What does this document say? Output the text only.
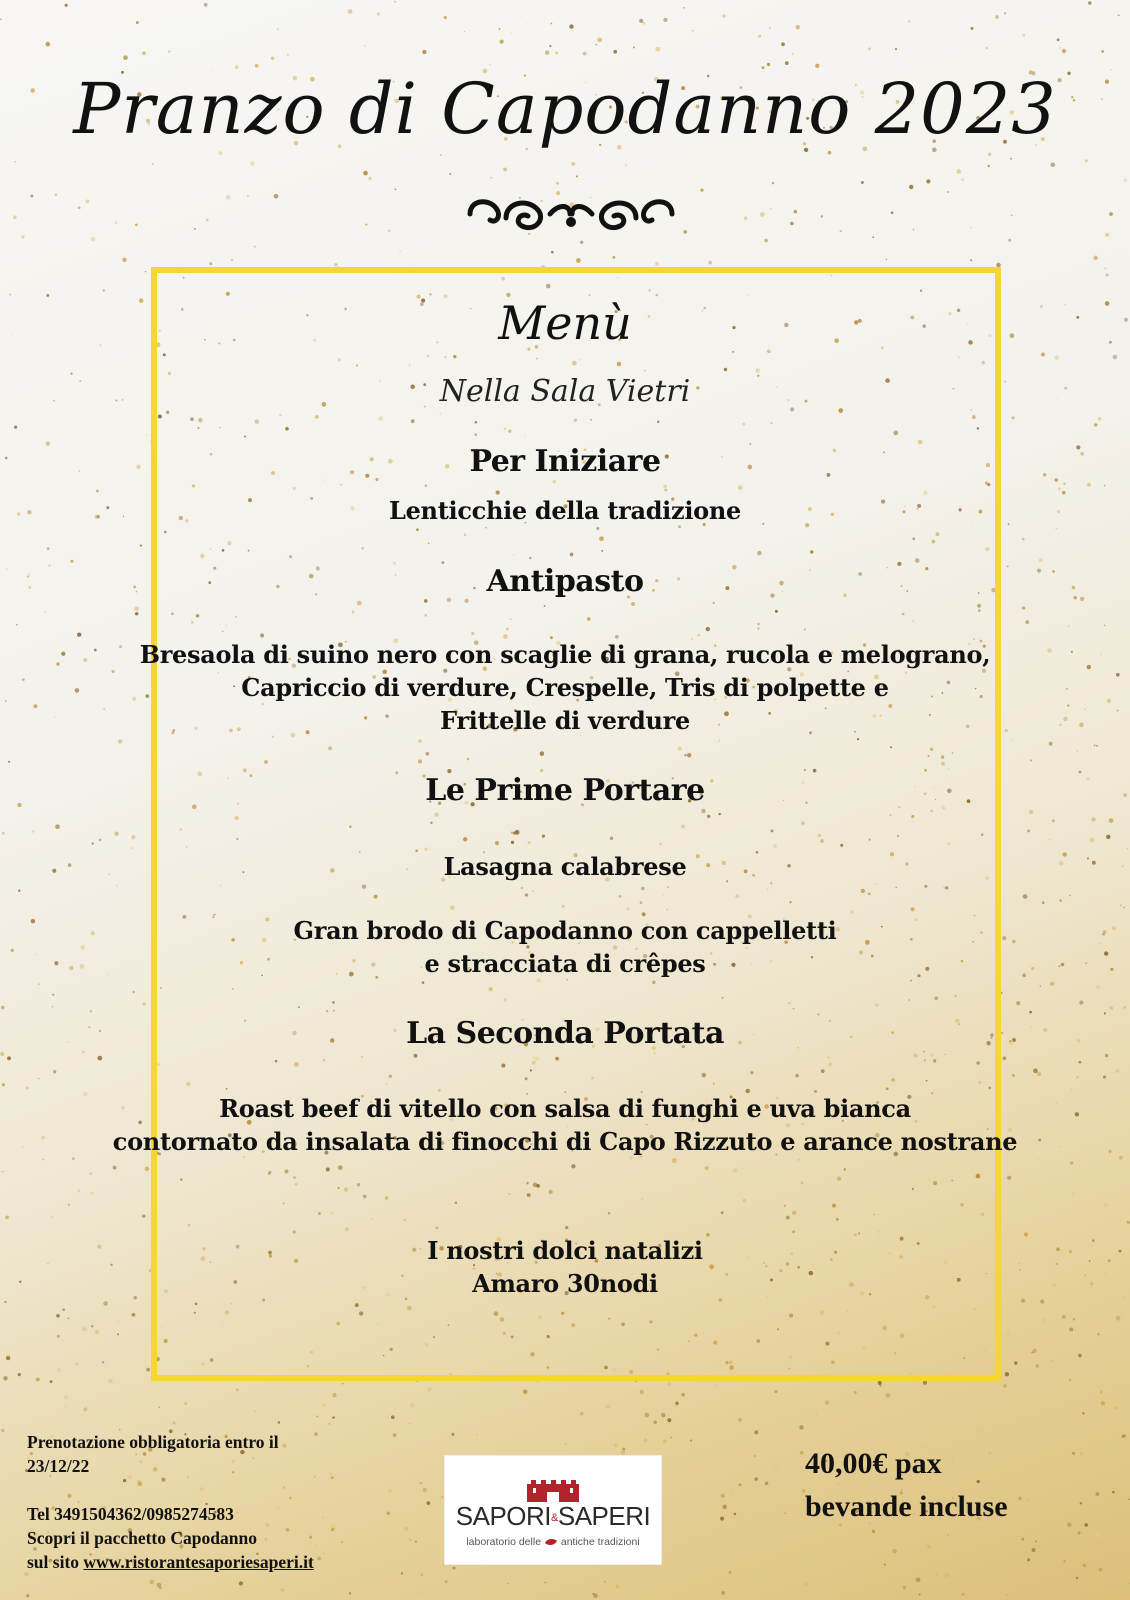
Pranzo di Capodanno 2023

Menù

Nella Sala Vietri

Per Iniziare

Lenticchie della tradizione

Antipasto

Bresaola di suino nero con scaglie di grana, rucola e melograno,

Capriccio di verdure, Crespelle, Tris di polpette e

Frittelle di verdure

Le Prime Portare

Lasagna calabrese

Gran brodo di Capodanno con cappelletti

e stracciata di crêpes

La Seconda Portata

Roast beef di vitello con salsa di funghi e uva bianca

contornato da insalata di finocchi di Capo Rizzuto e arance nostrane

I nostri dolci natalizi

Amaro 30nodi

Prenotazione obbligatoria entro il
23/12/22
Tel 3491504362/0985274583
Scopri il pacchetto Capodanno
sul sito www.ristorantesaporiesaperi.it
SAPORI&SAPERI
laboratorio delle antiche tradizioni
40,00€ pax
bevande incluse
